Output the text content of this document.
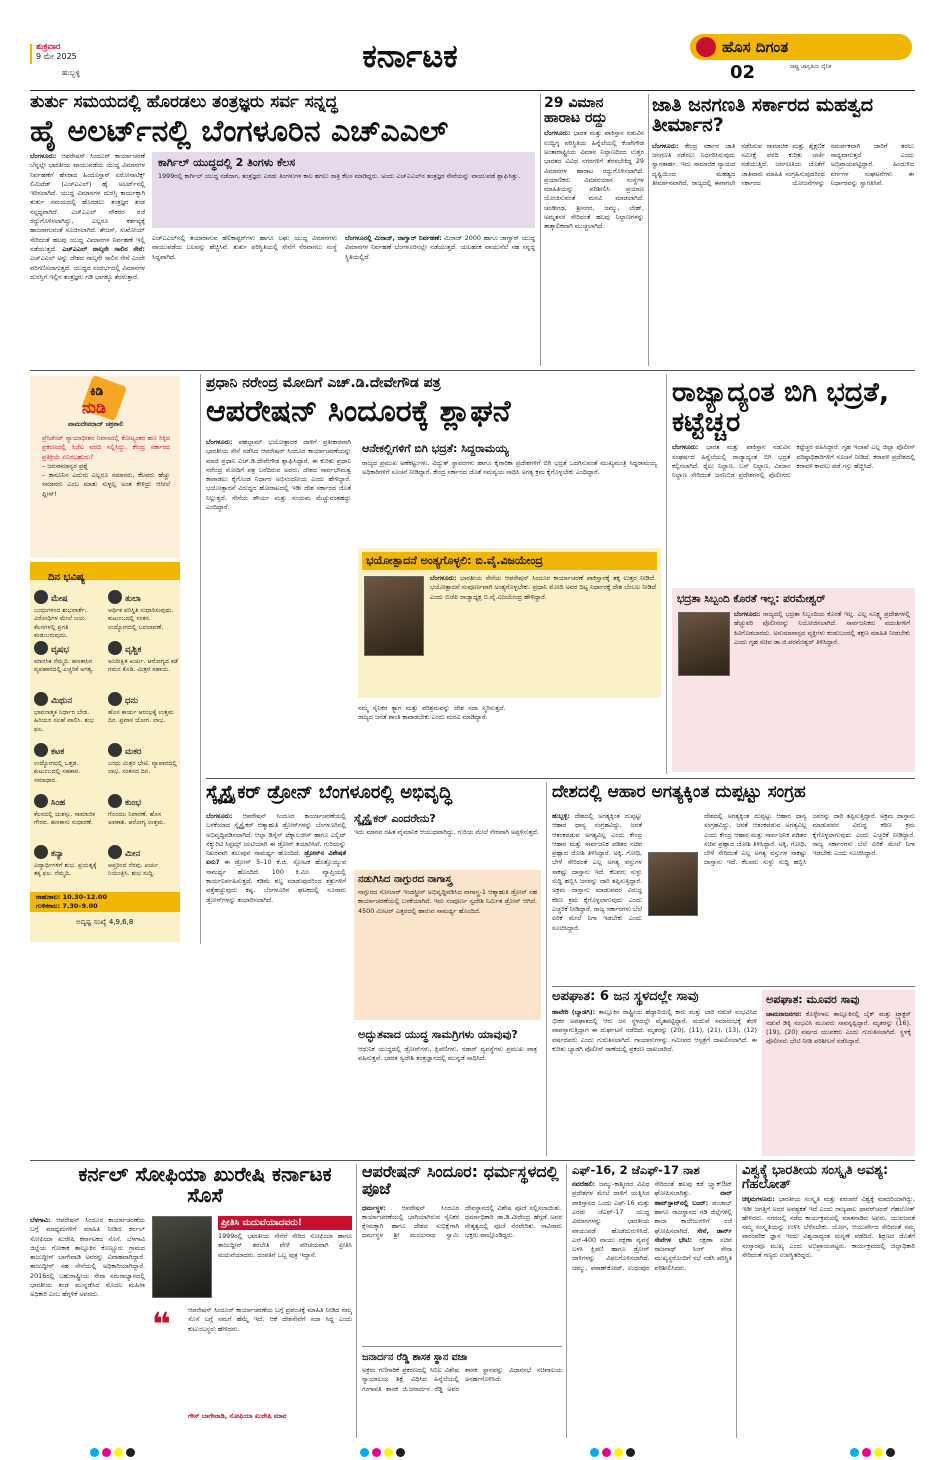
ಶುಕ್ರವಾರ
9 ಮೇ 2025
ಹುಬ್ಬಳ್ಳಿ	ಕರ್ನಾಟಕ	ಹೊಸ ದಿಗಂತ
02	ರಾಷ್ಟ್ರ ಜಾಗೃತಿಯ ದೈನಿಕ
ತುರ್ತು ಸಮಯದಲ್ಲಿ ಹೊರಡಲು ತಂತ್ರಜ್ಞರು ಸರ್ವ ಸನ್ನದ್ಧ
ಹೈ ಅಲರ್ಟ್‌ನಲ್ಲಿ ಬೆಂಗಳೂರಿನ ಎಚ್‌ಎಎಲ್
ಬೆಂಗಳೂರು: ಆಪರೇಷನ್ ಸಿಂದೂರ್ ಕಾರ್ಯಾಚರಣೆ ಬೆನ್ನಲ್ಲೇ ಭಾರತೀಯ ವಾಯುಪಡೆಯ ಯುದ್ಧ ವಿಮಾನಗಳ ನಿರ್ವಹಣೆಗೆ ಹೆಸರಾದ ಹಿಂದೂಸ್ತಾನ್ ಏರೋನಾಟಿಕ್ಸ್ ಲಿಮಿಟೆಡ್ (ಎಚ್‌ಎಎಲ್) ಹೈ ಅಲರ್ಟ್‌ನಲ್ಲಿ ಇರಿಸಲಾಗಿದೆ. ಯುದ್ಧ ವಿಮಾನಗಳ ದುರಸ್ತಿ ಕಾರ್ಯಕ್ಕಾಗಿ ತುರ್ತು ಸಮಯದಲ್ಲಿ ಹೊರಡಲು ತಂತ್ರಜ್ಞರ ತಂಡ ಸನ್ನದ್ಧವಾಗಿದೆ. ಎಚ್‌ಎಎಲ್ ನೌಕರರ ರಜೆ ರದ್ದುಗೊಳಿಸಲಾಗಿದ್ದು, ಎಲ್ಲರೂ ಕರ್ತವ್ಯಕ್ಕೆ ಹಾಜರಾಗುವಂತೆ ಸೂಚಿಸಲಾಗಿದೆ. ತೇಜಸ್, ಸುಖೋಯ್ ಸೇರಿದಂತೆ ಹಲವು ಯುದ್ಧ ವಿಮಾನಗಳ ನಿರ್ವಹಣೆ ಇಲ್ಲಿ ನಡೆಯುತ್ತದೆ. ಎಚ್‌ಎಎಲ್ ನಾಲ್ಕನೇ ಸಾಲಿನ ಸೇನೆ: ಎಚ್‌ಎಎಲ್ ಅನ್ನು ದೇಶದ ನಾಲ್ಕನೇ ಸಾಲಿನ ಸೇನೆ ಎಂದೇ ಪರಿಗಣಿಸಲಾಗುತ್ತದೆ. ಯುದ್ಧದ ಸಂದರ್ಭದಲ್ಲಿ ವಿಮಾನಗಳ ದುರಸ್ತಿಗೆ ಇಲ್ಲಿನ ತಂತ್ರಜ್ಞರು ಗಡಿ ಭಾಗಕ್ಕೂ ತೆರಳುತ್ತಾರೆ.
ಕಾರ್ಗಿಲ್ ಯುದ್ಧದಲ್ಲಿ 2 ತಿಂಗಳು ಕೆಲಸ
1999ರಲ್ಲಿ ಕಾರ್ಗಿಲ್ ಯುದ್ಧ ನಡೆದಾಗ, ತಂತ್ರಜ್ಞರು ಎರಡು ತಿಂಗಳುಗಳ ಕಾಲ ಹಗಲು ರಾತ್ರಿ ಕೆಲಸ ಮಾಡಿದ್ದರು. ಅಂದು ಎಚ್‌ಎಎಲ್‌ನ ತಂತ್ರಜ್ಞರ ಸೇವೆಯನ್ನು ವಾಯುಪಡೆ ಶ್ಲಾಘಿಸಿತ್ತು.
ಎಚ್‌ಎಎಲ್‌ನಲ್ಲಿ ತಯಾರಾಗುವ ಹೆಲಿಕಾಪ್ಟರ್‌ಗಳು ಹಾಗೂ ಲಘು ಯುದ್ಧ ವಿಮಾನಗಳು ವಾಯುಪಡೆಯ ಬಲವನ್ನು ಹೆಚ್ಚಿಸಿವೆ. ತುರ್ತು ಪರಿಸ್ಥಿತಿಯಲ್ಲಿ ಸೇನೆಗೆ ನೆರವಾಗಲು ಸಂಸ್ಥೆ ಸಿದ್ಧವಾಗಿದೆ.
ಬೆಂಗಳೂರಲ್ಲಿ ಮಿರಾಜ್, ಜಾಗ್ವಾರ್ ನಿರ್ವಹಣೆ: ಮಿರಾಜ್ 2000 ಹಾಗೂ ಜಾಗ್ವಾರ್ ಯುದ್ಧ ವಿಮಾನಗಳ ನಿರ್ವಹಣೆ ಬೆಂಗಳೂರಿನಲ್ಲೇ ನಡೆಯುತ್ತದೆ. ಯಲಹಂಕ ವಾಯುನೆಲೆ ಸಹ ಸನ್ನದ್ಧ ಸ್ಥಿತಿಯಲ್ಲಿದೆ.
29 ವಿಮಾನ ಹಾರಾಟ ರದ್ದು
ಬೆಂಗಳೂರು: ಭಾರತ ಮತ್ತು ಪಾಕಿಸ್ತಾನ ನಡುವಿನ ಉದ್ವಿಗ್ನ ಪರಿಸ್ಥಿತಿಯ ಹಿನ್ನೆಲೆಯಲ್ಲಿ ಕೆಂಪೇಗೌಡ ಅಂತಾರಾಷ್ಟ್ರೀಯ ವಿಮಾನ ನಿಲ್ದಾಣದಿಂದ ಉತ್ತರ ಭಾರತದ ವಿವಿಧ ನಗರಗಳಿಗೆ ತೆರಳಬೇಕಿದ್ದ 29 ವಿಮಾನಗಳ ಹಾರಾಟ ರದ್ದುಗೊಳಿಸಲಾಗಿದೆ. ಪ್ರಯಾಣಿಕರು ವಿಮಾನಯಾನ ಸಂಸ್ಥೆಗಳ ಮಾಹಿತಿಯನ್ನು ಪರಿಶೀಲಿಸಿ ಪ್ರಯಾಣ ಯೋಜಿಸುವಂತೆ ಮನವಿ ಮಾಡಲಾಗಿದೆ. ಚಂಡೀಗಢ, ಶ್ರೀನಗರ, ಜಮ್ಮು, ಲೇಹ್, ಅಮೃತಸರ ಸೇರಿದಂತೆ ಹಲವು ನಿಲ್ದಾಣಗಳನ್ನು ತಾತ್ಕಾಲಿಕವಾಗಿ ಮುಚ್ಚಲಾಗಿದೆ.
ಜಾತಿ ಜನಗಣತಿ ಸರ್ಕಾರದ ಮಹತ್ವದ ತೀರ್ಮಾನ?
ಬೆಂಗಳೂರು: ಕೇಂದ್ರ ಸರ್ಕಾರ ಜಾತಿ ಜನಗಣತಿ ನಡೆಸಲು ನಿರ್ಧರಿಸಿರುವುದು ಸ್ವಾಗತಾರ್ಹ. ಇದು ಸಾಮಾಜಿಕ ನ್ಯಾಯದ ದೃಷ್ಟಿಯಿಂದ ಮಹತ್ವದ ತೀರ್ಮಾನವಾಗಿದೆ. ರಾಜ್ಯದಲ್ಲಿ ಈಗಾಗಲೇ ನಡೆಸಿರುವ ಸಾಮಾಜಿಕ ಮತ್ತು ಶೈಕ್ಷಣಿಕ ಸಮೀಕ್ಷೆ ವರದಿ ಕುರಿತು ಚರ್ಚೆ ನಡೆಯುತ್ತಿದೆ. ಜನಗಣತಿಯ ಜೊತೆಗೆ ಜಾತಿವಾರು ಮಾಹಿತಿ ಸಂಗ್ರಹಿಸುವುದರಿಂದ ಸರ್ಕಾರದ ಯೋಜನೆಗಳನ್ನು ಸಮರ್ಪಕವಾಗಿ ಜಾರಿಗೆ ತರಲು ಸಾಧ್ಯವಾಗುತ್ತದೆ ಎಂದು ಅಭಿಪ್ರಾಯಪಟ್ಟಿದ್ದಾರೆ. ಹಿಂದುಳಿದ ವರ್ಗಗಳ ಸಂಘಟನೆಗಳು ಈ ನಿರ್ಧಾರವನ್ನು ಸ್ವಾಗತಿಸಿವೆ.
ಕಿಡಿ
ನುಡಿ
ವಾಮದೇವರಾಜ್ ಚಕ್ರಶಾಲಿ
ಪ್ರೆಸಿಡೆಂಟ್ ನ್ಯಾಯಾಧೀಶರ ನಿವಾಸದಲ್ಲಿ ಕೋಟ್ಯಂತರ ಹಣ ಸಿಕ್ಕಿದ ಪ್ರಕರಣದಲ್ಲಿ ಸಿಜೆಐ ವರದಿ ಸಲ್ಲಿಸಿದ್ದು, ಕೇಂದ್ರ ಸರ್ಕಾರದ ಪ್ರತಿಕ್ರಿಯೆ ಏನಿರಬಹುದು?
– ಜನಸಾಮಾನ್ಯರ ಪ್ರಶ್ನೆ
– ಕಾನೂನಿನ ಎದುರು ಎಲ್ಲರೂ ಸಮಾನರು, ಕೆಲವರು ಹೆಚ್ಚು ಸಮಾನರು ಎಂಬ ಮಾತು ಸುಳ್ಳಲ್ಲ ಅಂತ ಕೇಳಿದ್ರು ಆಸೀಲೆ ಪ್ಲೀಸ್!
ದಿನ ಭವಿಷ್ಯ
ಮೇಷ
ಬಂಧುಗಳಿಂದ ಶುಭವಾರ್ತೆ. ವಿರೋಧಿಗಳ ಮೇಲೆ ಜಯ. ಕೆಲಸಗಳಲ್ಲಿ ಪ್ರಗತಿ ಕಂಡುಬರುವುದು.
ತುಲಾ
ಆರ್ಥಿಕ ಪರಿಸ್ಥಿತಿ ಸುಧಾರಿಸುವುದು. ಕುಟುಂಬದಲ್ಲಿ ಸಂತಸ. ಉದ್ಯೋಗದಲ್ಲಿ ಬದಲಾವಣೆ.
ವೃಷಭ
ಮಾನಸಿಕ ನೆಮ್ಮದಿ. ಹಣಕಾಸಿನ ವ್ಯವಹಾರದಲ್ಲಿ ಎಚ್ಚರಿಕೆ ಅಗತ್ಯ.
ವೃಶ್ಚಿಕ
ಅನಿರೀಕ್ಷಿತ ಖರ್ಚು. ಆರೋಗ್ಯದ ಕಡೆ ಗಮನ ಕೊಡಿ. ಮಿತ್ರರ ಸಹಾಯ.
ಮಿಥುನ
ಭಾವನಾತ್ಮಕ ನಿರ್ಧಾರ ಬೇಡ. ಹಿರಿಯರ ಸಲಹೆ ಪಾಲಿಸಿ. ಶುಭ ಫಲ.
ಧನು
ಹೊಸ ಕಾರ್ಯ ಆರಂಭಕ್ಕೆ ಉತ್ತಮ ದಿನ. ಪ್ರವಾಸ ಯೋಗ. ಲಾಭ.
ಕಟಕ
ಉದ್ಯೋಗದಲ್ಲಿ ಒತ್ತಡ. ಕುಟುಂಬದಲ್ಲಿ ಸಹಕಾರ. ಸಮಾಧಾನ.
ಮಕರ
ಬಂಧು ಮಿತ್ರರ ಭೇಟಿ. ವ್ಯಾಪಾರದಲ್ಲಿ ಲಾಭ. ಸಂತಸದ ದಿನ.
ಸಿಂಹ
ಕೆಲಸದಲ್ಲಿ ಯಶಸ್ಸು. ಸಾಮಾಜಿಕ ಗೌರವ. ಹಣಕಾಸು ಸುಧಾರಣೆ.
ಕುಂಭ
ಗೊಂದಲ ನಿವಾರಣೆ. ಹೊಸ ಅವಕಾಶ. ಆರೋಗ್ಯ ಉತ್ತಮ.
ಕನ್ಯಾ
ವಿದ್ಯಾರ್ಥಿಗಳಿಗೆ ಶುಭ. ಪ್ರಯತ್ನಕ್ಕೆ ತಕ್ಕ ಫಲ. ನೆಮ್ಮದಿ.
ಮೀನ
ಆಪ್ತರಿಂದ ನೆರವು. ಖರ್ಚು ನಿಯಂತ್ರಿಸಿ. ಶುಭ ಸುದ್ದಿ.
ರಾಹುಕಾಲ: 10.30–12.00
ಗುಳಿಕಕಾಲ: 7.30–9.00
ಅದೃಷ್ಟ ಸಂಖ್ಯೆ 4,9,6,8
ಪ್ರಧಾನಿ ನರೇಂದ್ರ ಮೋದಿಗೆ ಎಚ್.ಡಿ.ದೇವೇಗೌಡ ಪತ್ರ
ಆಪರೇಷನ್ ಸಿಂದೂರಕ್ಕೆ ಶ್ಲಾಘನೆ
ಬೆಂಗಳೂರು: ಪಹಲ್ಗಾಮ್ ಭಯೋತ್ಪಾದಕ ದಾಳಿಗೆ ಪ್ರತೀಕಾರವಾಗಿ ಭಾರತೀಯ ಸೇನೆ ನಡೆಸಿದ ಆಪರೇಷನ್ ಸಿಂದೂರ ಕಾರ್ಯಾಚರಣೆಯನ್ನು ಮಾಜಿ ಪ್ರಧಾನಿ ಎಚ್.ಡಿ.ದೇವೇಗೌಡ ಶ್ಲಾಘಿಸಿದ್ದಾರೆ. ಈ ಕುರಿತು ಪ್ರಧಾನಿ ನರೇಂದ್ರ ಮೋದಿಗೆ ಪತ್ರ ಬರೆದಿರುವ ಅವರು, ದೇಶದ ಸಾರ್ವಭೌಮತ್ವ ಕಾಪಾಡಲು ಕೈಗೊಂಡ ನಿರ್ಧಾರ ಅಭಿನಂದನೀಯ ಎಂದು ಹೇಳಿದ್ದಾರೆ. ಭಯೋತ್ಪಾದನೆ ವಿರುದ್ಧದ ಹೋರಾಟದಲ್ಲಿ ಇಡೀ ದೇಶ ಸರ್ಕಾರದ ಜೊತೆ ನಿಲ್ಲುತ್ತದೆ. ಸೇನೆಯ ಶೌರ್ಯ ಮತ್ತು ಸಂಯಮ ಮೆಚ್ಚುವಂತಹದ್ದು ಎಂದಿದ್ದಾರೆ.
ಆನೇಕಲ್ಲಿಗಳಿಗೆ ಬಿಗಿ ಭದ್ರತೆ: ಸಿದ್ದರಾಮಯ್ಯ
ರಾಜ್ಯದ ಪ್ರಮುಖ ಅಣೆಕಟ್ಟುಗಳು, ವಿದ್ಯುತ್ ಸ್ಥಾವರಗಳು ಹಾಗೂ ಕೈಗಾರಿಕಾ ಪ್ರದೇಶಗಳಿಗೆ ಬಿಗಿ ಭದ್ರತೆ ಒದಗಿಸುವಂತೆ ಮುಖ್ಯಮಂತ್ರಿ ಸಿದ್ದರಾಮಯ್ಯ ಅಧಿಕಾರಿಗಳಿಗೆ ಸೂಚನೆ ನೀಡಿದ್ದಾರೆ. ಕೇಂದ್ರ ಸರ್ಕಾರದ ಜೊತೆ ಸಮನ್ವಯ ಸಾಧಿಸಿ ಅಗತ್ಯ ಕ್ರಮ ಕೈಗೊಳ್ಳಬೇಕು ಎಂದಿದ್ದಾರೆ.
ಭಯೋತ್ಪಾದನೆ ಅಂತ್ಯಗೊಳ್ಳಲಿ: ಬಿ.ವೈ.ವಿಜಯೇಂದ್ರ
ಬೆಂಗಳೂರು: ಭಾರತೀಯ ಸೇನೆಯ ಆಪರೇಷನ್ ಸಿಂದೂರ ಕಾರ್ಯಾಚರಣೆ ಪಾಕಿಸ್ತಾನಕ್ಕೆ ತಕ್ಕ ಉತ್ತರ ನೀಡಿದೆ. ಭಯೋತ್ಪಾದನೆ ಸಂಪೂರ್ಣವಾಗಿ ಅಂತ್ಯಗೊಳ್ಳಬೇಕು. ಪ್ರಧಾನಿ ಮೋದಿ ಅವರ ದಿಟ್ಟ ನಿರ್ಧಾರಕ್ಕೆ ದೇಶ ಬೆಂಬಲ ನೀಡಿದೆ ಎಂದು ಬಿಜೆಪಿ ರಾಜ್ಯಾಧ್ಯಕ್ಷ ಬಿ.ವೈ.ವಿಜಯೇಂದ್ರ ಹೇಳಿದ್ದಾರೆ.
ನಮ್ಮ ಸೈನಿಕರ ತ್ಯಾಗ ಮತ್ತು ಪರಿಶ್ರಮವನ್ನು ದೇಶ ಸದಾ ಸ್ಮರಿಸುತ್ತದೆ. ರಾಜ್ಯದ ಜನತೆ ಶಾಂತಿ ಕಾಪಾಡಬೇಕು ಎಂದು ಮನವಿ ಮಾಡಿದ್ದಾರೆ.
ರಾಜ್ಯಾದ್ಯಂತ ಬಿಗಿ ಭದ್ರತೆ, ಕಟ್ಟೆಚ್ಚರ
ಬೆಂಗಳೂರು: ಭಾರತ ಮತ್ತು ಪಾಕಿಸ್ತಾನ ನಡುವಿನ ಸಂಘರ್ಷದ ಹಿನ್ನೆಲೆಯಲ್ಲಿ ರಾಜ್ಯಾದ್ಯಂತ ಬಿಗಿ ಭದ್ರತೆ ಕಲ್ಪಿಸಲಾಗಿದೆ. ರೈಲು ನಿಲ್ದಾಣ, ಬಸ್ ನಿಲ್ದಾಣ, ವಿಮಾನ ನಿಲ್ದಾಣ ಸೇರಿದಂತೆ ಜನನಿಬಿಡ ಪ್ರದೇಶಗಳಲ್ಲಿ ಪೊಲೀಸರು ಕಟ್ಟೆಚ್ಚರ ವಹಿಸಿದ್ದಾರೆ. ಗೃಹ ಇಲಾಖೆ ಎಲ್ಲ ಜಿಲ್ಲಾ ಪೊಲೀಸ್ ವರಿಷ್ಠಾಧಿಕಾರಿಗಳಿಗೆ ಸೂಚನೆ ನೀಡಿದೆ. ಕರಾವಳಿ ಪ್ರದೇಶದಲ್ಲಿ ಕರಾವಳಿ ಕಾವಲು ಪಡೆ ಗಸ್ತು ಹೆಚ್ಚಿಸಿದೆ.
ಭದ್ರತಾ ಸಿಬ್ಬಂದಿ ಕೊರತೆ ಇಲ್ಲ: ಪರಮೇಶ್ವರ್
ಬೆಂಗಳೂರು: ರಾಜ್ಯದಲ್ಲಿ ಭದ್ರತಾ ಸಿಬ್ಬಂದಿಯ ಕೊರತೆ ಇಲ್ಲ. ಎಲ್ಲ ಸೂಕ್ಷ್ಮ ಪ್ರದೇಶಗಳಲ್ಲಿ ಹೆಚ್ಚುವರಿ ಪೊಲೀಸರನ್ನು ನಿಯೋಜಿಸಲಾಗಿದೆ. ಸಾರ್ವಜನಿಕರು ವದಂತಿಗಳಿಗೆ ಕಿವಿಗೊಡಬಾರದು. ಅನುಮಾನಾಸ್ಪದ ವ್ಯಕ್ತಿಗಳು ಕಂಡುಬಂದಲ್ಲಿ ತಕ್ಷಣ ಮಾಹಿತಿ ನೀಡಬೇಕು ಎಂದು ಗೃಹ ಸಚಿವ ಡಾ.ಜಿ.ಪರಮೇಶ್ವರ್ ತಿಳಿಸಿದ್ದಾರೆ.
ಸ್ಕೈಸ್ಟ್ರೈಕರ್ ಡ್ರೋನ್ ಬೆಂಗಳೂರಲ್ಲಿ ಅಭಿವೃದ್ಧಿ
ಬೆಂಗಳೂರು: ಆಪರೇಷನ್ ಸಿಂದೂರ ಕಾರ್ಯಾಚರಣೆಯಲ್ಲಿ ಬಳಕೆಯಾದ ಸ್ಕೈಸ್ಟ್ರೈಕರ್ ಆತ್ಮಾಹುತಿ ಡ್ರೋನ್‌ಗಳನ್ನು ಬೆಂಗಳೂರಿನಲ್ಲಿ ಅಭಿವೃದ್ಧಿಪಡಿಸಲಾಗಿದೆ. ಆಲ್ಫಾ ಡಿಸೈನ್ ಟೆಕ್ನಾಲಜೀಸ್ ಹಾಗೂ ಎಲ್ಬಿಟ್ ಸೆಕ್ಯುರಿಟಿ ಸಿಸ್ಟಮ್ಸ್ ಜಂಟಿಯಾಗಿ ಈ ಡ್ರೋನ್ ತಯಾರಿಸಿವೆ. ಗುರಿಯನ್ನು ನಿಖರವಾಗಿ ತಲುಪುವ ಸಾಮರ್ಥ್ಯ ಹೊಂದಿದೆ. ಡ್ರೋನ್‌ನ ವಿಶೇಷತೆ ಏನು? ಈ ಡ್ರೋನ್ 5–10 ಕೆ.ಜಿ. ಸ್ಫೋಟಕ ಹೊತ್ತೊಯ್ಯುವ ಸಾಮರ್ಥ್ಯ ಹೊಂದಿದೆ. 100 ಕಿ.ಮೀ. ವ್ಯಾಪ್ತಿಯಲ್ಲಿ ಕಾರ್ಯನಿರ್ವಹಿಸುತ್ತದೆ. ಕಡಿಮೆ ಶಬ್ದ ಮಾಡುವುದರಿಂದ ಶತ್ರುಗಳಿಗೆ ಪತ್ತೆಹಚ್ಚುವುದು ಕಷ್ಟ. ಬೆಂಗಳೂರಿನ ಘಟಕದಲ್ಲಿ ನೂರಾರು ಡ್ರೋನ್‌ಗಳನ್ನು ತಯಾರಿಸಲಾಗಿದೆ.
ಸ್ಕೈಸ್ಟ್ರೈಕರ್ ಎಂದರೇನು?
ಇದು ಮಾನವ ರಹಿತ ವೈಮಾನಿಕ ಆಯುಧವಾಗಿದ್ದು, ಗುರಿಯ ಮೇಲೆ ನೇರವಾಗಿ ಅಪ್ಪಳಿಸುತ್ತದೆ.
ನಡುಗಿಸಿದ ನಾಗ್ಪುರದ ನಾಗಾಸ್ತ್ರ
ನಾಗ್ಪುರದ ಸೋಲಾರ್ ಇಂಡಸ್ಟ್ರೀಸ್ ಅಭಿವೃದ್ಧಿಪಡಿಸಿದ ನಾಗಾಸ್ತ್ರ-1 ಆತ್ಮಾಹುತಿ ಡ್ರೋನ್ ಸಹ ಕಾರ್ಯಾಚರಣೆಯಲ್ಲಿ ಬಳಕೆಯಾಗಿದೆ. ಇದು ಸಂಪೂರ್ಣ ಸ್ವದೇಶಿ ನಿರ್ಮಿತ ಡ್ರೋನ್ ಆಗಿದೆ. 4500 ಮೀಟರ್ ಎತ್ತರದಲ್ಲಿ ಹಾರುವ ಸಾಮರ್ಥ್ಯ ಹೊಂದಿದೆ.
ಅದ್ಭುತವಾದ ಯುದ್ಧ ಸಾಮಗ್ರಿಗಳು ಯಾವುವು?
ಆಧುನಿಕ ಯುದ್ಧದಲ್ಲಿ ಡ್ರೋನ್‌ಗಳು, ಕ್ಷಿಪಣಿಗಳು, ರಡಾರ್ ವ್ಯವಸ್ಥೆಗಳು ಪ್ರಮುಖ ಪಾತ್ರ ವಹಿಸುತ್ತವೆ. ಭಾರತ ಸ್ವದೇಶಿ ತಂತ್ರಜ್ಞಾನದಲ್ಲಿ ಮುನ್ನಡೆ ಸಾಧಿಸಿದೆ.
ದೇಶದಲ್ಲಿ ಆಹಾರ ಅಗತ್ಯಕ್ಕಿಂತ ದುಪ್ಪಟ್ಟು ಸಂಗ್ರಹ
ಹುಬ್ಬಳ್ಳಿ: ದೇಶದಲ್ಲಿ ಅಗತ್ಯಕ್ಕಿಂತ ದುಪ್ಪಟ್ಟು ಆಹಾರ ಧಾನ್ಯ ಸಂಗ್ರಹವಿದ್ದು, ಜನತೆ ಆತಂಕಪಡುವ ಅಗತ್ಯವಿಲ್ಲ ಎಂದು ಕೇಂದ್ರ ಆಹಾರ ಮತ್ತು ಸಾರ್ವಜನಿಕ ಪಡಿತರ ಸಚಿವ ಪ್ರಹ್ಲಾದ ಜೋಶಿ ತಿಳಿಸಿದ್ದಾರೆ. ಅಕ್ಕಿ, ಗೋಧಿ, ಬೇಳೆ ಸೇರಿದಂತೆ ಎಲ್ಲ ಅಗತ್ಯ ವಸ್ತುಗಳ ಸಾಕಷ್ಟು ದಾಸ್ತಾನು ಇದೆ. ಕೆಲವರು ಸುಳ್ಳು ಸುದ್ದಿ ಹಬ್ಬಿಸಿ ಜನರನ್ನು ದಾರಿ ತಪ್ಪಿಸುತ್ತಿದ್ದಾರೆ. ಅಕ್ರಮ ದಾಸ್ತಾನು ಮಾಡುವವರ ವಿರುದ್ಧ ಕಠಿಣ ಕ್ರಮ ಕೈಗೊಳ್ಳಲಾಗುವುದು ಎಂದು ಎಚ್ಚರಿಕೆ ನೀಡಿದ್ದಾರೆ. ರಾಜ್ಯ ಸರ್ಕಾರಗಳು ಬೆಲೆ ಏರಿಕೆ ಮೇಲೆ ನಿಗಾ ಇಡಬೇಕು ಎಂದು ಸೂಚಿಸಿದ್ದಾರೆ.
ದೇಶದಲ್ಲಿ ಅಗತ್ಯಕ್ಕಿಂತ ದುಪ್ಪಟ್ಟು ಆಹಾರ ಧಾನ್ಯ ಸಂಗ್ರಹವಿದ್ದು, ಜನತೆ ಆತಂಕಪಡುವ ಅಗತ್ಯವಿಲ್ಲ ಎಂದು ಕೇಂದ್ರ ಆಹಾರ ಮತ್ತು ಸಾರ್ವಜನಿಕ ಪಡಿತರ ಸಚಿವ ಪ್ರಹ್ಲಾದ ಜೋಶಿ ತಿಳಿಸಿದ್ದಾರೆ. ಅಕ್ಕಿ, ಗೋಧಿ, ಬೇಳೆ ಸೇರಿದಂತೆ ಎಲ್ಲ ಅಗತ್ಯ ವಸ್ತುಗಳ ಸಾಕಷ್ಟು ದಾಸ್ತಾನು ಇದೆ. ಕೆಲವರು ಸುಳ್ಳು ಸುದ್ದಿ ಹಬ್ಬಿಸಿ ಜನರನ್ನು ದಾರಿ ತಪ್ಪಿಸುತ್ತಿದ್ದಾರೆ. ಅಕ್ರಮ ದಾಸ್ತಾನು ಮಾಡುವವರ ವಿರುದ್ಧ ಕಠಿಣ ಕ್ರಮ ಕೈಗೊಳ್ಳಲಾಗುವುದು ಎಂದು ಎಚ್ಚರಿಕೆ ನೀಡಿದ್ದಾರೆ. ರಾಜ್ಯ ಸರ್ಕಾರಗಳು ಬೆಲೆ ಏರಿಕೆ ಮೇಲೆ ನಿಗಾ ಇಡಬೇಕು ಎಂದು ಸೂಚಿಸಿದ್ದಾರೆ.
ಅಪಘಾತ: 6 ಜನ ಸ್ಥಳದಲ್ಲೇ ಸಾವು
ಹಾವೇರಿ (ಬ್ಯಾಡಗಿ): ತಾಲ್ಲೂಕಿನ ರಾಷ್ಟ್ರೀಯ ಹೆದ್ದಾರಿಯಲ್ಲಿ ಕಾರು ಮತ್ತು ಲಾರಿ ನಡುವೆ ಸಂಭವಿಸಿದ ಭೀಕರ ಅಪಘಾತದಲ್ಲಿ ಆರು ಜನ ಸ್ಥಳದಲ್ಲೇ ಮೃತಪಟ್ಟಿದ್ದಾರೆ. ಮದುವೆ ಸಮಾರಂಭಕ್ಕೆ ತೆರಳಿ ವಾಪಸ್ಸಾಗುತ್ತಿದ್ದಾಗ ಈ ದುರ್ಘಟನೆ ನಡೆದಿದೆ. ಮೃತರನ್ನು (20), (11), (21), (13), (12) ವರ್ಷದವರು ಎಂದು ಗುರುತಿಸಲಾಗಿದೆ. ಗಾಯಾಳುಗಳನ್ನು ಸಮೀಪದ ಆಸ್ಪತ್ರೆಗೆ ದಾಖಲಿಸಲಾಗಿದೆ. ಈ ಕುರಿತು ಬ್ಯಾಡಗಿ ಪೊಲೀಸ್ ಠಾಣೆಯಲ್ಲಿ ಪ್ರಕರಣ ದಾಖಲಾಗಿದೆ.
ಅಪಘಾತ: ಮೂವರ ಸಾವು
ಚಾಮರಾಜನಗರ: ಕೊಳ್ಳೇಗಾಲ ತಾಲ್ಲೂಕಿನಲ್ಲಿ ಬೈಕ್ ಮತ್ತು ಟ್ರ್ಯಾಕ್ಟರ್ ನಡುವೆ ಡಿಕ್ಕಿ ಸಂಭವಿಸಿ ಮೂವರು ಸಾವನ್ನಪ್ಪಿದ್ದಾರೆ. ಮೃತರನ್ನು (16), (19), (20) ವರ್ಷದ ಯುವಕರು ಎಂದು ಗುರುತಿಸಲಾಗಿದೆ. ಸ್ಥಳಕ್ಕೆ ಪೊಲೀಸರು ಭೇಟಿ ನೀಡಿ ಪರಿಶೀಲನೆ ನಡೆಸಿದ್ದಾರೆ.
ಕರ್ನಲ್ ಸೋಫಿಯಾ ಖುರೇಷಿ ಕರ್ನಾಟಕ ಸೊಸೆ
ಬೆಳಗಾವಿ: ಆಪರೇಷನ್ ಸಿಂದೂರ ಕಾರ್ಯಾಚರಣೆಯ ಬಗ್ಗೆ ಮಾಧ್ಯಮಗಳಿಗೆ ಮಾಹಿತಿ ನೀಡಿದ ಕರ್ನಲ್ ಸೋಫಿಯಾ ಖುರೇಷಿ ಕರ್ನಾಟಕದ ಸೊಸೆ. ಬೆಳಗಾವಿ ಜಿಲ್ಲೆಯ ಗೋಕಾಕ ತಾಲ್ಲೂಕಿನ ಕೊಣ್ಣೂರು ಗ್ರಾಮದ ತಾಜುದ್ದೀನ್ ಬಾಗೇವಾಡಿ ಅವರನ್ನು ವಿವಾಹವಾಗಿದ್ದಾರೆ. ತಾಜುದ್ದೀನ್ ಸಹ ಸೇನೆಯಲ್ಲಿ ಅಧಿಕಾರಿಯಾಗಿದ್ದಾರೆ. 2016ರಲ್ಲಿ ಬಹುರಾಷ್ಟ್ರೀಯ ಸೇನಾ ಸಮರಾಭ್ಯಾಸದಲ್ಲಿ ಭಾರತೀಯ ತಂಡ ಮುನ್ನಡೆಸಿದ ಮೊದಲ ಮಹಿಳಾ ಅಧಿಕಾರಿ ಎಂಬ ಹೆಗ್ಗಳಿಕೆ ಅವರದು.
ಪ್ರೀತಿಸಿ ಮದುವೆಯಾದವರು!
1999ರಲ್ಲಿ ಭಾರತೀಯ ಸೇನೆಗೆ ಸೇರಿದ ಸೋಫಿಯಾ ಹಾಗೂ ತಾಜುದ್ದೀನ್ ತರಬೇತಿ ವೇಳೆ ಪರಿಚಯವಾಗಿ ಪ್ರೀತಿಸಿ ಮದುವೆಯಾದರು. ದಂಪತಿಗೆ ಒಬ್ಬ ಪುತ್ರ ಇದ್ದಾನೆ.
❝	ಆಪರೇಷನ್ ಸಿಂದೂರ್ ಕಾರ್ಯಾಚರಣೆಯ ಬಗ್ಗೆ ಪ್ರಪಂಚಕ್ಕೆ ಮಾಹಿತಿ ನೀಡಿದ ನಮ್ಮ ಸೊಸೆ ಬಗ್ಗೆ ನಮಗೆ ಹೆಮ್ಮೆ ಇದೆ. ಆಕೆ ದೇಶಸೇವೆಗೆ ಸದಾ ಸಿದ್ಧ ಎಂದು ಕುಟುಂಬಸ್ಥರು ಹೇಳಿದರು.
ಗೌಸ್ ಬಾಗೇವಾಡಿ, ಸೋಫಿಯಾ ಖುರೇಷಿ ಮಾವ
ಆಪರೇಷನ್ ಸಿಂದೂರ: ಧರ್ಮಸ್ಥಳದಲ್ಲಿ ಪೂಜೆ
ಧರ್ಮಸ್ಥಳ: ಆಪರೇಷನ್ ಸಿಂದೂರ ಕಾರ್ಯಾಚರಣೆಯಲ್ಲಿ ಭಾಗಿಯಾಗಿರುವ ಸೈನಿಕರ ಕ್ಷೇಮಕ್ಕಾಗಿ ಹಾಗೂ ದೇಶದ ಸುಭಿಕ್ಷೆಗಾಗಿ ಧರ್ಮಸ್ಥಳ ಶ್ರೀ ಮಂಜುನಾಥ ಸ್ವಾಮಿ ದೇವಸ್ಥಾನದಲ್ಲಿ ವಿಶೇಷ ಪೂಜೆ ಸಲ್ಲಿಸಲಾಯಿತು. ಧರ್ಮಾಧಿಕಾರಿ ಡಾ.ಡಿ.ವೀರೇಂದ್ರ ಹೆಗ್ಗಡೆ ಅವರ ನೇತೃತ್ವದಲ್ಲಿ ಪೂಜೆ ನೆರವೇರಿತು. ಸಾವಿರಾರು ಭಕ್ತರು ಪಾಲ್ಗೊಂಡಿದ್ದರು.
ಜನಾರ್ದನ ರೆಡ್ಡಿ ಶಾಸಕ ಸ್ಥಾನ ವಜಾ
ಅಕ್ರಮ ಗಣಿಗಾರಿಕೆ ಪ್ರಕರಣದಲ್ಲಿ ಸಿಬಿಐ ವಿಶೇಷ ನ್ಯಾಯಾಲಯ ಶಿಕ್ಷೆ ವಿಧಿಸಿದ ಹಿನ್ನೆಲೆಯಲ್ಲಿ ಗಂಗಾವತಿ ಶಾಸಕ ಜಿ.ಜನಾರ್ದನ ರೆಡ್ಡಿ ಅವರ ಶಾಸಕ ಸ್ಥಾನವನ್ನು ವಿಧಾನಸಭೆ ಸಚಿವಾಲಯ ಅನರ್ಹಗೊಳಿಸಿದೆ.
ಎಫ್-16, 2 ಜೆಎಫ್-17 ನಾಶ
ನವದೆಹಲಿ: ಜಮ್ಮು-ಕಾಶ್ಮೀರದ ವಿವಿಧ ಪ್ರದೇಶಗಳ ಮೇಲೆ ದಾಳಿಗೆ ಯತ್ನಿಸಿದ ಪಾಕಿಸ್ತಾನದ ಒಂದು ಎಫ್-16 ಮತ್ತು ಎರಡು ಜೆಎಫ್-17 ಯುದ್ಧ ವಿಮಾನಗಳನ್ನು ಭಾರತೀಯ ವಾಯುಪಡೆ ಹೊಡೆದುರುಳಿಸಿದೆ. ಎಸ್-400 ವಾಯು ರಕ್ಷಣಾ ವ್ಯವಸ್ಥೆ ಬಳಸಿ ಕ್ಷಿಪಣಿ ಹಾಗೂ ಡ್ರೋನ್ ದಾಳಿಗಳನ್ನು ವಿಫಲಗೊಳಿಸಲಾಗಿದೆ. ಜಮ್ಮು, ಪಠಾಣ್‌ಕೋಟ್, ಉಧಂಪುರ ಸೇರಿದಂತೆ ಹಲವು ಕಡೆ ಬ್ಲ್ಯಾಕ್‌ಔಟ್ ಘೋಷಿಸಲಾಗಿತ್ತು.	ವಾರ್ ಹಾಟ್‌ಸ್ಪಾಟ್‌ನಲ್ಲಿ ಬಂದ್: ಪಂಜಾಬ್ ಹಾಗೂ ರಾಜಸ್ಥಾನದ ಗಡಿ ಜಿಲ್ಲೆಗಳಲ್ಲಿ ಶಾಲಾ ಕಾಲೇಜುಗಳಿಗೆ ರಜೆ ಘೋಷಿಸಲಾಗಿದೆ. ಸೇನೆ, ಡಾರ್ನ್ ಸೇವೆಗಳ ಭೇಟಿ: ರಕ್ಷಣಾ ಸಚಿವ ರಾಜನಾಥ್ ಸಿಂಗ್ ಸೇನಾ ಮುಖ್ಯಸ್ಥರೊಂದಿಗೆ ಸಭೆ ನಡೆಸಿ ಪರಿಸ್ಥಿತಿ ಪರಿಶೀಲಿಸಿದರು.
ವಿಶ್ವಕ್ಕೆ ಭಾರತೀಯ ಸಂಸ್ಕೃತಿ ಅವಶ್ಯ: ಗೆಹಲೋತ್
ಚಿಕ್ಕಮಗಳೂರು: ಭಾರತೀಯ ಸಂಸ್ಕೃತಿ ಮತ್ತು ಪರಂಪರೆ ವಿಶ್ವಕ್ಕೆ ಮಾದರಿಯಾಗಿದ್ದು, ಇಡೀ ಜಗತ್ತಿಗೆ ಅದರ ಅವಶ್ಯಕತೆ ಇದೆ ಎಂದು ರಾಜ್ಯಪಾಲ ಥಾವರ್‌ಚಂದ್ ಗೆಹಲೋತ್ ಹೇಳಿದರು. ನಗರದಲ್ಲಿ ನಡೆದ ಕಾರ್ಯಕ್ರಮದಲ್ಲಿ ಮಾತನಾಡಿದ ಅವರು, ಯುವಜನತೆ ನಮ್ಮ ಸಂಸ್ಕೃತಿಯನ್ನು ಉಳಿಸಿ ಬೆಳೆಸಬೇಕು. ಯೋಗ, ಆಯುರ್ವೇದ ಸೇರಿದಂತೆ ನಮ್ಮ ಪಾರಂಪರಿಕ ಜ್ಞಾನ ಇಂದು ವಿಶ್ವದಾದ್ಯಂತ ಮನ್ನಣೆ ಪಡೆದಿದೆ. ಶಿಕ್ಷಣದ ಜೊತೆಗೆ ಸಂಸ್ಕಾರವೂ ಮುಖ್ಯ ಎಂದು ಅಭಿಪ್ರಾಯಪಟ್ಟರು. ಕಾರ್ಯಕ್ರಮದಲ್ಲಿ ಜಿಲ್ಲಾಧಿಕಾರಿ ಸೇರಿದಂತೆ ಗಣ್ಯರು ಉಪಸ್ಥಿತರಿದ್ದರು.
